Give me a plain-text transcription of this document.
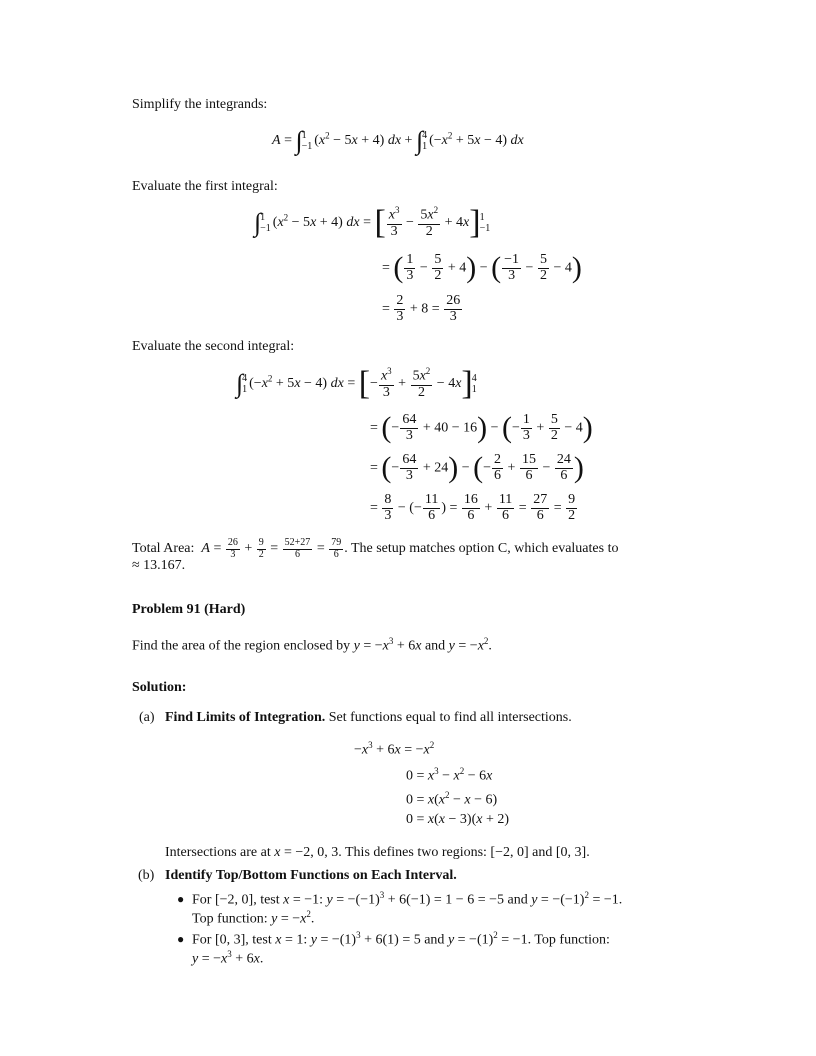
Simplify the integrands:
A = ∫ 1
−1 $(x^2 - 5x + 4)$ dx + ∫ 4
1 $(-x^2 + 5x - 4)$ dx
Evaluate the first integral:
∫ 1
−1 $(x^2 - 5x + 4)$ dx = [ $\frac{x^3}{3} - \frac{5x^2}{2} + 4x$] 1
−1
= ( $\frac{1}{3} - \frac{5}{2} + 4$) − ( $\frac{-1}{3} - \frac{5}{2} - 4$)
= $\frac{2}{3} + 8 = \frac{26}{3}$
Evaluate the second integral:
∫ 4
1 $(-x^2 + 5x - 4)$ dx = [− $\frac{x^3}{3} + \frac{5x^2}{2} - 4x$] 4
1
= (− $\frac{64}{3} + 40 - 16$) − (− $\frac{1}{3} + \frac{5}{2} - 4$)
= (− $\frac{64}{3} + 24$) − (− $\frac{2}{6} + \frac{15}{6} - \frac{24}{6}$ )
= $\frac{8}{3}$ − (− $\frac{11}{6}$ ) = $\frac{16}{6} + \frac{11}{6} = \frac{27}{6} = \frac{9}{2}$
Total Area: $A = \frac{26}{3} + \frac{9}{2} = \frac{52+27}{6} = \frac{79}{6}$ . The setup matches option C, which evaluates to
≈ 13.167.
Problem 91 (Hard)
Find the area of the region enclosed by $y = -x^3 + 6x$ and $y = -x^2$.
Solution:
(a) Find Limits of Integration. Set functions equal to find all intersections.
$-x^3 + 6x = -x^2$
$0 = x^3 - x^2 - 6x$
$0 = x(x^2 - x - 6)$
0 = x(x − 3)(x + 2)
Intersections are at x = −2, 0, 3. This defines two regions: [−2, 0] and [0, 3].
(b) Identify Top/Bottom Functions on Each Interval.
● For [−2, 0], test x = −1: $y = -(-1)^3 + 6(-1) = 1 - 6 = -5$ and $y = -(-1)^2 = -1$.
Top function: $y = -x^2$.
● For [0, 3], test x = 1: $y = -(1)^3 + 6(1) = 5$ and $y = -(1)^2 = -1$. Top function:
$y = -x^3 + 6x$.
